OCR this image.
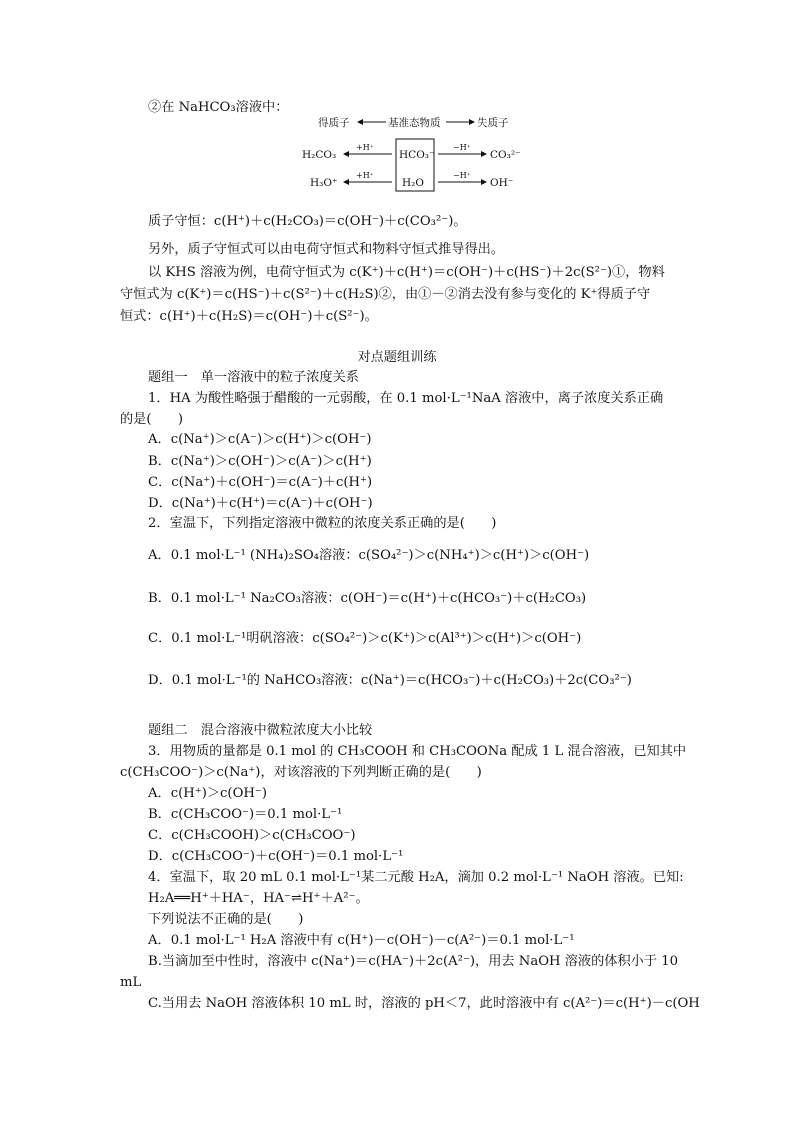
②在 NaHCO₃溶液中：
得质子	基准态物质	失质子
H₂CO₃
+H⁺
HCO₃⁻
−H⁺
CO₃²⁻
H₃O⁺
+H⁺
H₂O
−H⁺
OH⁻
质子守恒：c(H⁺)＋c(H₂CO₃)＝c(OH⁻)＋c(CO₃²⁻)。
另外，质子守恒式可以由电荷守恒式和物料守恒式推导得出。
以 KHS 溶液为例，电荷守恒式为 c(K⁺)＋c(H⁺)＝c(OH⁻)＋c(HS⁻)＋2c(S²⁻)①，物料
守恒式为 c(K⁺)＝c(HS⁻)＋c(S²⁻)＋c(H₂S)②，由①－②消去没有参与变化的 K⁺得质子守
恒式：c(H⁺)＋c(H₂S)＝c(OH⁻)＋c(S²⁻)。
对点题组训练
题组一　单一溶液中的粒子浓度关系
1．HA 为酸性略强于醋酸的一元弱酸，在 0.1 mol·L⁻¹NaA 溶液中，离子浓度关系正确
的是(　　)
A．c(Na⁺)＞c(A⁻)＞c(H⁺)＞c(OH⁻)
B．c(Na⁺)＞c(OH⁻)＞c(A⁻)＞c(H⁺)
C．c(Na⁺)＋c(OH⁻)＝c(A⁻)＋c(H⁺)
D．c(Na⁺)＋c(H⁺)＝c(A⁻)＋c(OH⁻)
2．室温下，下列指定溶液中微粒的浓度关系正确的是(　　)
A．0.1 mol·L⁻¹ (NH₄)₂SO₄溶液：c(SO₄²⁻)＞c(NH₄⁺)＞c(H⁺)＞c(OH⁻)
B．0.1 mol·L⁻¹ Na₂CO₃溶液：c(OH⁻)＝c(H⁺)＋c(HCO₃⁻)＋c(H₂CO₃)
C．0.1 mol·L⁻¹明矾溶液：c(SO₄²⁻)＞c(K⁺)＞c(Al³⁺)＞c(H⁺)＞c(OH⁻)
D．0.1 mol·L⁻¹的 NaHCO₃溶液：c(Na⁺)＝c(HCO₃⁻)＋c(H₂CO₃)＋2c(CO₃²⁻)
题组二　混合溶液中微粒浓度大小比较
3．用物质的量都是 0.1 mol 的 CH₃COOH 和 CH₃COONa 配成 1 L 混合溶液，已知其中
c(CH₃COO⁻)＞c(Na⁺)，对该溶液的下列判断正确的是(　　)
A．c(H⁺)＞c(OH⁻)
B．c(CH₃COO⁻)＝0.1 mol·L⁻¹
C．c(CH₃COOH)＞c(CH₃COO⁻)
D．c(CH₃COO⁻)＋c(OH⁻)＝0.1 mol·L⁻¹
4．室温下，取 20 mL 0.1 mol·L⁻¹某二元酸 H₂A，滴加 0.2 mol·L⁻¹ NaOH 溶液。已知:
H₂A══H⁺＋HA⁻，HA⁻⇌H⁺＋A²⁻。
下列说法不正确的是(　　)
A．0.1 mol·L⁻¹ H₂A 溶液中有 c(H⁺)－c(OH⁻)－c(A²⁻)＝0.1 mol·L⁻¹
B.当滴加至中性时，溶液中 c(Na⁺)＝c(HA⁻)＋2c(A²⁻)，用去 NaOH 溶液的体积小于 10
mL
C.当用去 NaOH 溶液体积 10 mL 时，溶液的 pH＜7，此时溶液中有 c(A²⁻)＝c(H⁺)－c(OH
